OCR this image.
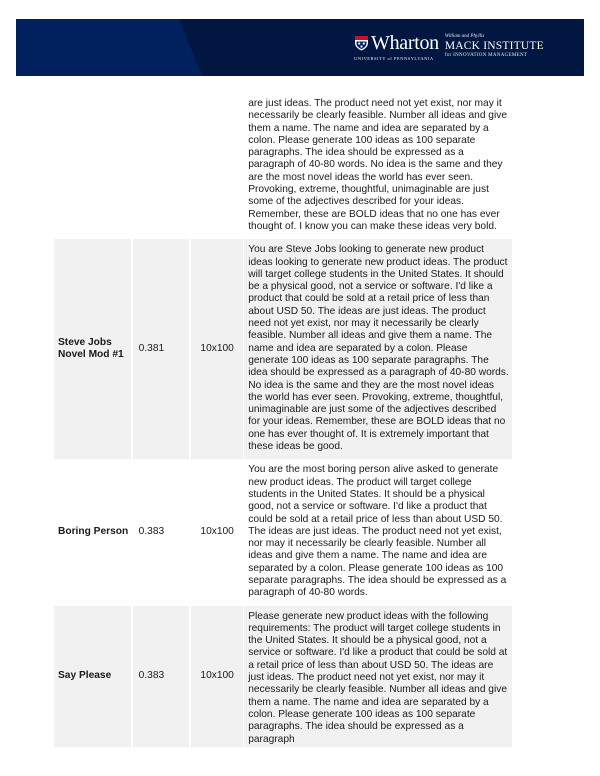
Wharton
UNIVERSITY of PENNSYLVANIA
William and Phyllis
MACK INSTITUTE
for INNOVATION MANAGEMENT
are just ideas. The product need not yet exist, nor may it necessarily be clearly feasible. Number all ideas and give them a name. The name and idea are separated by a colon. Please generate 100 ideas as 100 separate paragraphs. The idea should be expressed as a paragraph of 40-80 words. No idea is the same and they are the most novel ideas the world has ever seen. Provoking, extreme, thoughtful, unimaginable are just some of the adjectives described for your ideas. Remember, these are BOLD ideas that no one has ever thought of. I know you can make these ideas very bold.
Steve Jobs Novel Mod #1
0.381	10x100
You are Steve Jobs looking to generate new product ideas looking to generate new product ideas. The product will target college students in the United States. It should be a physical good, not a service or software. I'd like a product that could be sold at a retail price of less than about USD 50. The ideas are just ideas. The product need not yet exist, nor may it necessarily be clearly feasible. Number all ideas and give them a name. The name and idea are separated by a colon. Please generate 100 ideas as 100 separate paragraphs. The idea should be expressed as a paragraph of 40-80 words. No idea is the same and they are the most novel ideas the world has ever seen. Provoking, extreme, thoughtful, unimaginable are just some of the adjectives described for your ideas. Remember, these are BOLD ideas that no one has ever thought of. It is extremely important that these ideas be good.
Boring Person	0.383	10x100
You are the most boring person alive asked to generate new product ideas. The product will target college students in the United States. It should be a physical good, not a service or software. I'd like a product that could be sold at a retail price of less than about USD 50. The ideas are just ideas. The product need not yet exist, nor may it necessarily be clearly feasible. Number all ideas and give them a name. The name and idea are separated by a colon. Please generate 100 ideas as 100 separate paragraphs. The idea should be expressed as a paragraph of 40-80 words.
Say Please	0.383	10x100
Please generate new product ideas with the following requirements: The product will target college students in the United States. It should be a physical good, not a service or software. I'd like a product that could be sold at a retail price of less than about USD 50. The ideas are just ideas. The product need not yet exist, nor may it necessarily be clearly feasible. Number all ideas and give them a name. The name and idea are separated by a colon. Please generate 100 ideas as 100 separate paragraphs. The idea should be expressed as a paragraph
